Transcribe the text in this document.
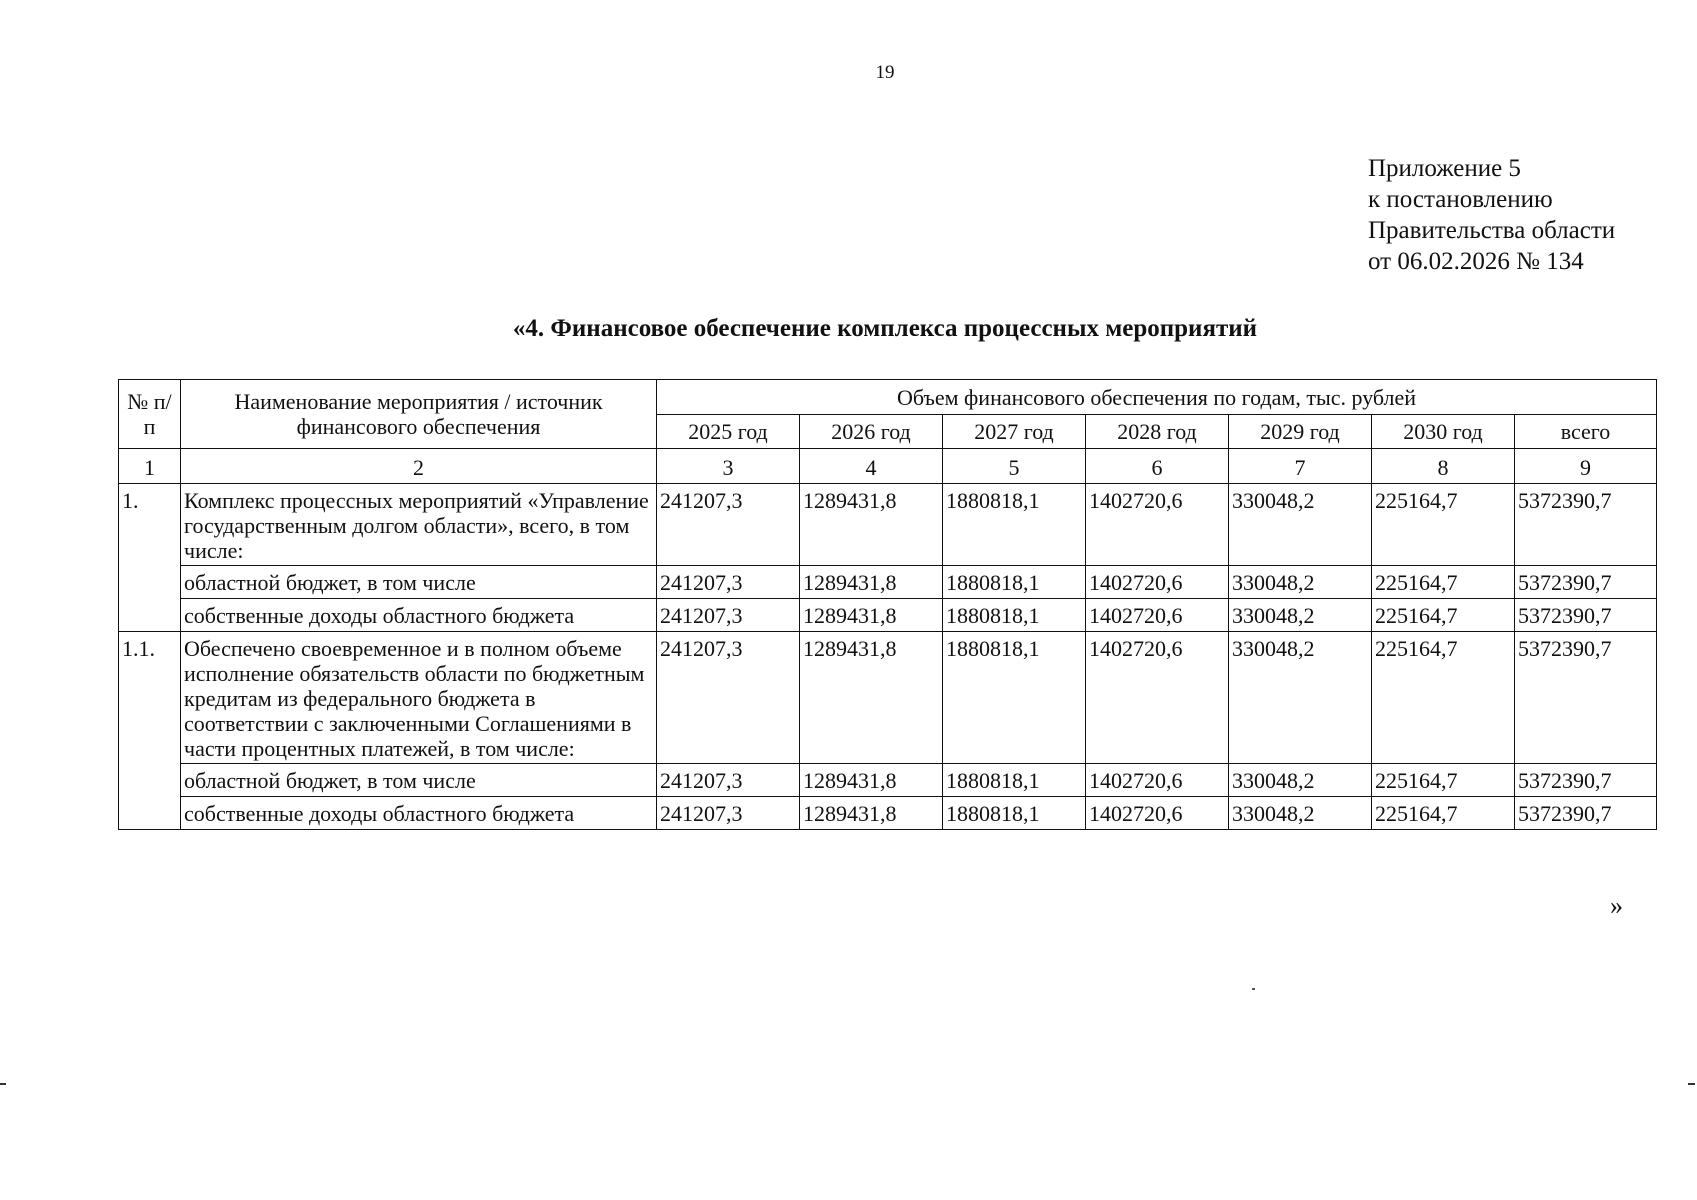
19
Приложение 5
к постановлению
Правительства области
от 06.02.2026 № 134
«4. Финансовое обеспечение комплекса процессных мероприятий
№ п/п	Наименование мероприятия / источник финансового обеспечения	Объем финансового обеспечения по годам, тыс. рублей						
		2025 год	2026 год	2027 год	2028 год	2029 год	2030 год	всего
1	2	3	4	5	6	7	8	9
1.	Комплекс процессных мероприятий «Управление государственным долгом области», всего, в том числе:	241207,3	1289431,8	1880818,1	1402720,6	330048,2	225164,7	5372390,7
	областной бюджет, в том числе	241207,3	1289431,8	1880818,1	1402720,6	330048,2	225164,7	5372390,7
	собственные доходы областного бюджета	241207,3	1289431,8	1880818,1	1402720,6	330048,2	225164,7	5372390,7
1.1.	Обеспечено своевременное и в полном объеме исполнение обязательств области по бюджетным кредитам из федерального бюджета в соответствии с заключенными Соглашениями в части процентных платежей, в том числе:	241207,3	1289431,8	1880818,1	1402720,6	330048,2	225164,7	5372390,7
	областной бюджет, в том числе	241207,3	1289431,8	1880818,1	1402720,6	330048,2	225164,7	5372390,7
	собственные доходы областного бюджета	241207,3	1289431,8	1880818,1	1402720,6	330048,2	225164,7	5372390,7
»
